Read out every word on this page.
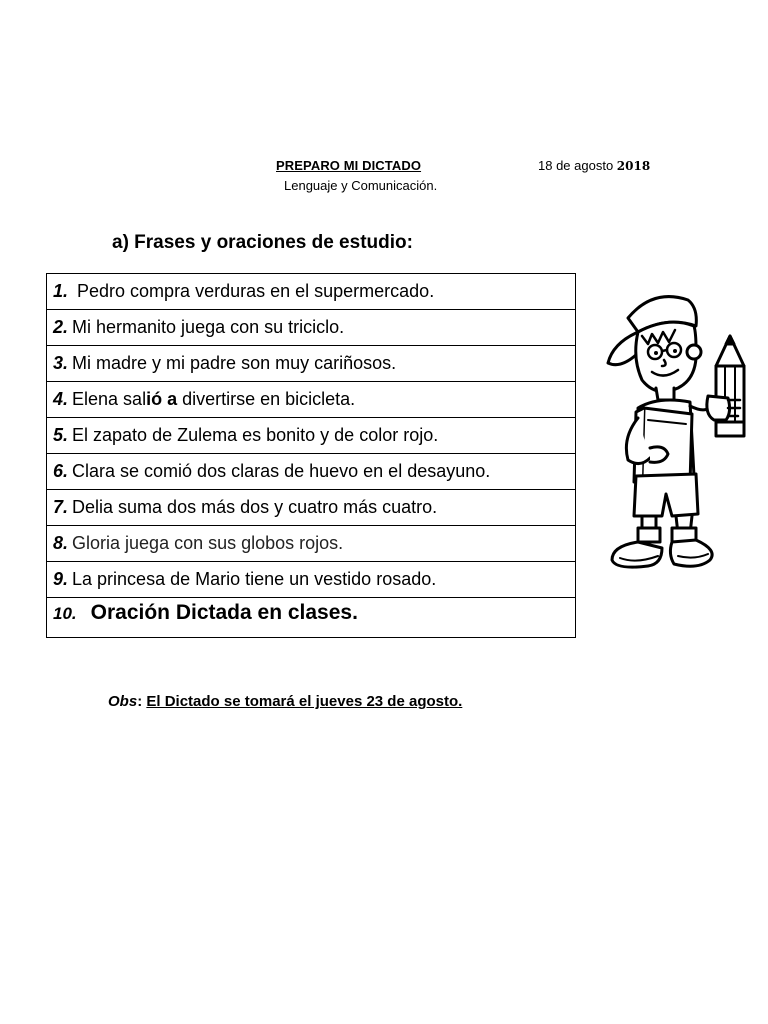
PREPARO MI DICTADO	18 de agosto 2018
Lenguaje y Comunicación.
a) Frases y oraciones de estudio:
1. Pedro compra verduras en el supermercado.
2. Mi hermanito juega con su triciclo.
3. Mi madre y mi padre son muy cariñosos.
4. Elena salió a divertirse en bicicleta.
5. El zapato de Zulema es bonito y de color rojo.
6. Clara se comió dos claras de huevo en el desayuno.
7. Delia suma dos más dos y cuatro más cuatro.
8. Gloria juega con sus globos rojos.
9. La princesa de Mario tiene un vestido rosado.
10. Oración Dictada en clases.
Obs: El Dictado se tomará el jueves 23 de agosto.
